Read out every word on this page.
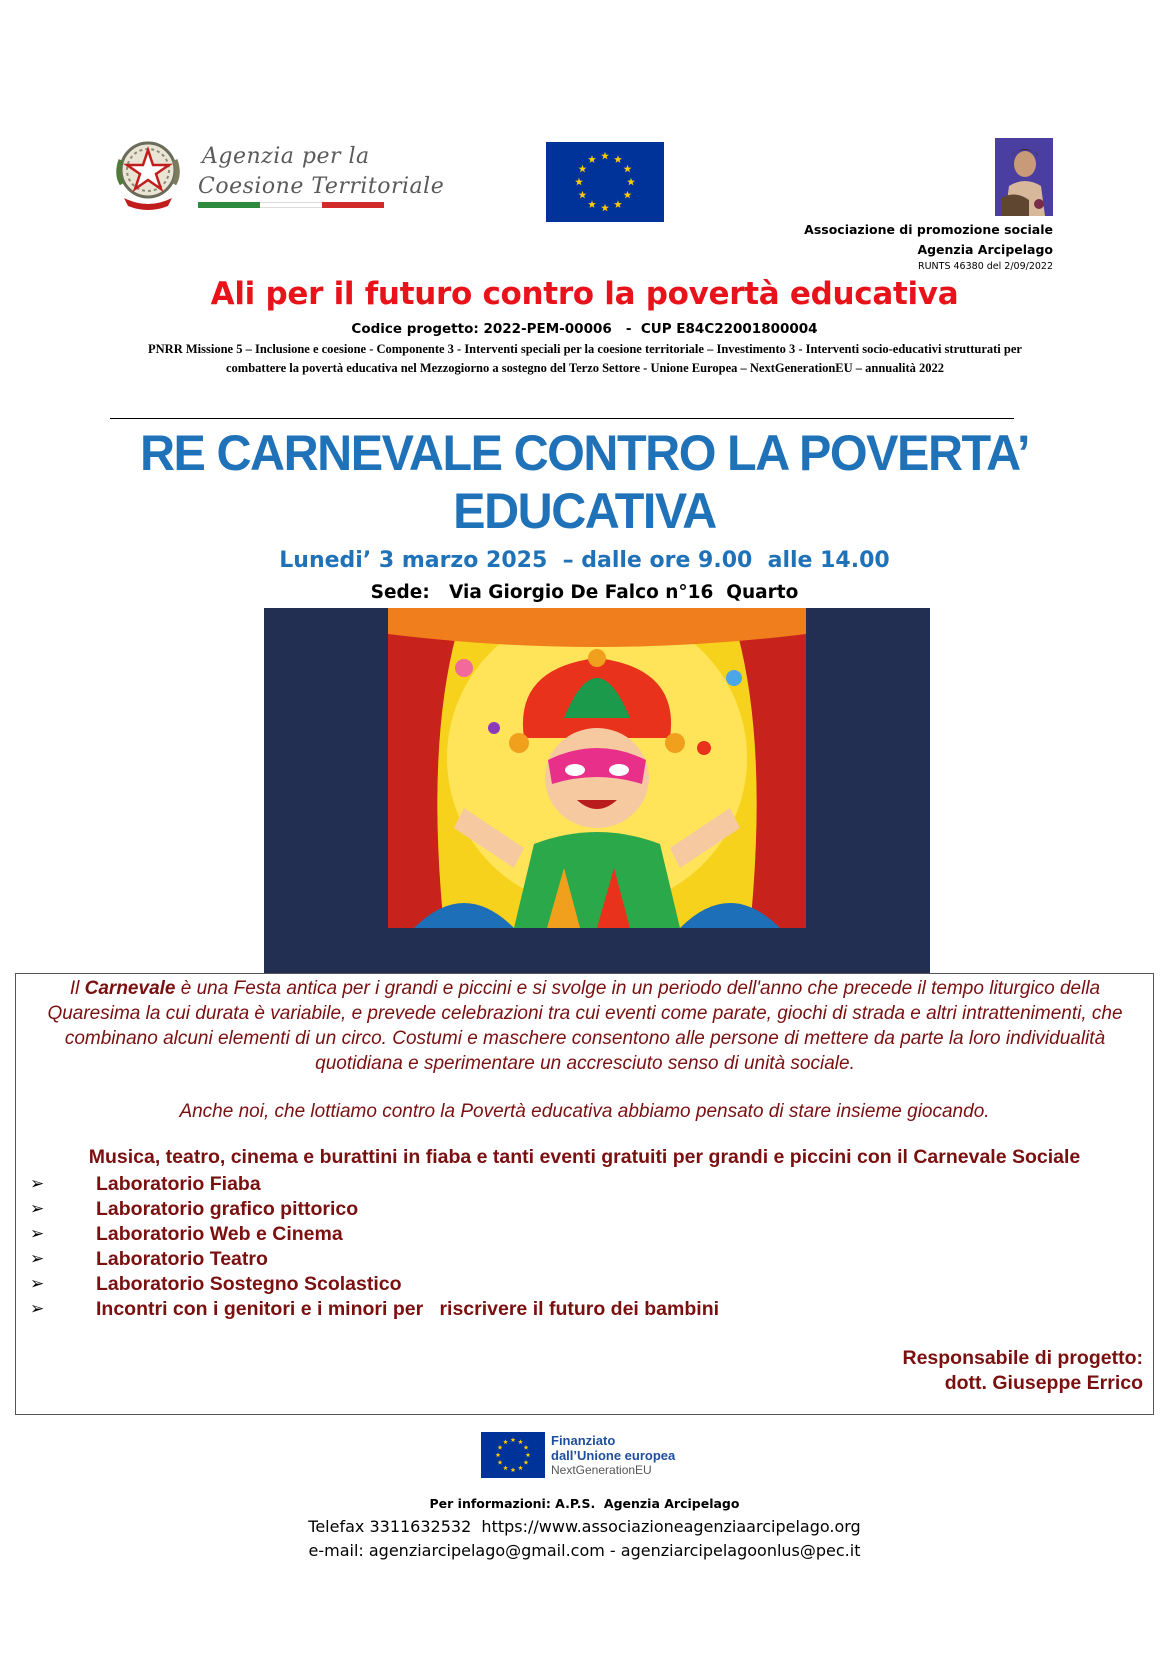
Agenzia per la
Coesione Territoriale
Associazione di promozione sociale
Agenzia Arcipelago
RUNTS 46380 del 2/09/2022
Ali per il futuro contro la povertà educativa
Codice progetto: 2022-PEM-00006   -  CUP E84C22001800004
PNRR Missione 5 – Inclusione e coesione - Componente 3 - Interventi speciali per la coesione territoriale – Investimento 3 - Interventi socio-educativi strutturati per combattere la povertà educativa nel Mezzogiorno a sostegno del Terzo Settore - Unione Europea – NextGenerationEU – annualità 2022
RE CARNEVALE CONTRO LA POVERTA’
EDUCATIVA
Lunedi’ 3 marzo 2025  – dalle ore 9.00  alle 14.00
Sede:   Via Giorgio De Falco n°16  Quarto
Il Carnevale è una Festa antica per i grandi e piccini e si svolge in un periodo dell'anno che precede il tempo liturgico della Quaresima la cui durata è variabile, e prevede celebrazioni tra cui eventi come parate, giochi di strada e altri intrattenimenti, che combinano alcuni elementi di un circo. Costumi e maschere consentono alle persone di mettere da parte la loro individualità quotidiana e sperimentare un accresciuto senso di unità sociale.
Anche noi, che lottiamo contro la Povertà educativa abbiamo pensato di stare insieme giocando.
Musica, teatro, cinema e burattini in fiaba e tanti eventi gratuiti per grandi e piccini con il Carnevale Sociale
➢	Laboratorio Fiaba
➢	Laboratorio grafico pittorico
➢	Laboratorio Web e Cinema
➢	Laboratorio Teatro
➢	Laboratorio Sostegno Scolastico
➢	Incontri con i genitori e i minori per   riscrivere il futuro dei bambini
Responsabile di progetto:
dott. Giuseppe Errico
Finanziato
dall’Unione europea
NextGenerationEU
Per informazioni: A.P.S.  Agenzia Arcipelago
Telefax 3311632532  https://www.associazioneagenziaarcipelago.org
e-mail: agenziarcipelago@gmail.com - agenziarcipelagoonlus@pec.it
